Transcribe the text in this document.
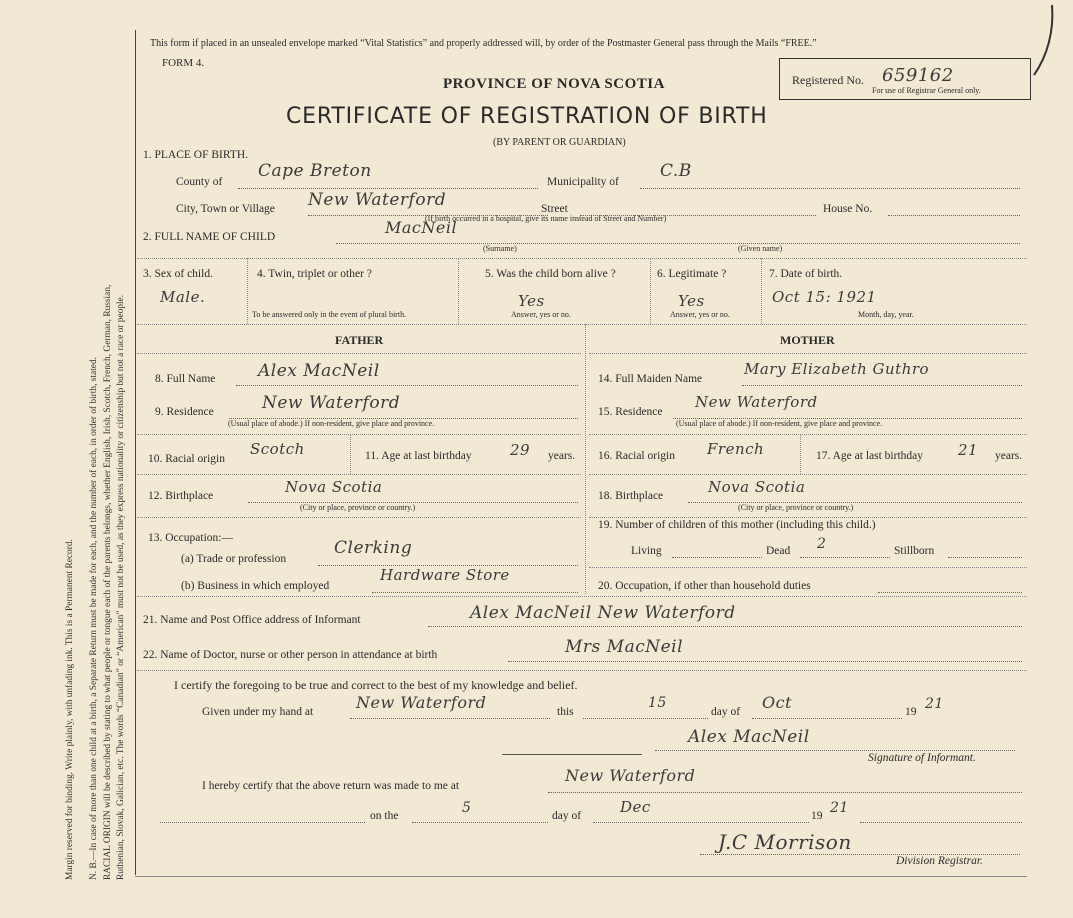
Margin reserved for binding. Write plainly, with unfading ink. This is a Permanent Record. N. B.—In case of more than one child at a birth, a Separate Return must be made for each, and the number of each, in order of birth, stated. RACIAL ORIGIN will be described by stating to what people or tongue each of the parents belongs, whether English, Irish, Scotch, French, German, Russian, Ruthenian, Slovak, Galician, etc. The words “Canadian” or “American” must not be used, as they express nationality or citizenship but not a race or people.
This form if placed in an unsealed envelope marked “Vital Statistics” and properly addressed will, by order of the Postmaster General pass through the Mails “FREE.”
FORM 4.
PROVINCE OF NOVA SCOTIA	Registered No. 659162
For use of Registrar General only.
CERTIFICATE OF REGISTRATION OF BIRTH
(BY PARENT OR GUARDIAN)
1. PLACE OF BIRTH.
County of
Cape Breton
Municipality of
C.B
City, Town or Village New Waterford	Street
(If birth occurred in a hospital, give its name instead of Street and Number)
House No.
2. FULL NAME OF CHILD	MacNeil
(Surname)	(Given name)
3. Sex of child.
Male.
4. Twin, triplet or other ?
To be answered only in the event of plural birth.
5. Was the child born alive ?
Yes
Answer, yes or no.
6. Legitimate ?
Yes
Answer, yes or no.
7. Date of birth.
Oct 15: 1921
Month, day, year.
FATHER
8. Full Name	Alex MacNeil
9. Residence	New Waterford
(Usual place of abode.) If non-resident, give place and province.
10. Racial origin
Scotch	11. Age at last birthday	29 years.
12. Birthplace	Nova Scotia
(City or place, province or country.)
13. Occupation:—
(a) Trade or profession
Clerking
(b) Business in which employed
Hardware Store
MOTHER
14. Full Maiden Name
Mary Elizabeth Guthro
15. Residence
New Waterford
(Usual place of abode.) If non-resident, give place and province.
16. Racial origin French	17. Age at last birthday 21 years.
18. Birthplace	Nova Scotia
(City or place, province or country.)
19. Number of children of this mother (including this child.)
Living	Dead 2	Stillborn
20. Occupation, if other than household duties
21. Name and Post Office address of Informant	Alex MacNeil New Waterford
22. Name of Doctor, nurse or other person in attendance at birth	Mrs MacNeil
I certify the foregoing to be true and correct to the best of my knowledge and belief.
Given under my hand at	New Waterford	this
15
day of Oct	19 21
Alex MacNeil
Signature of Informant.
I hereby certify that the above return was made to me at
New Waterford
on the	5	day of	Dec	19 21
J.C Morrison
Division Registrar.
